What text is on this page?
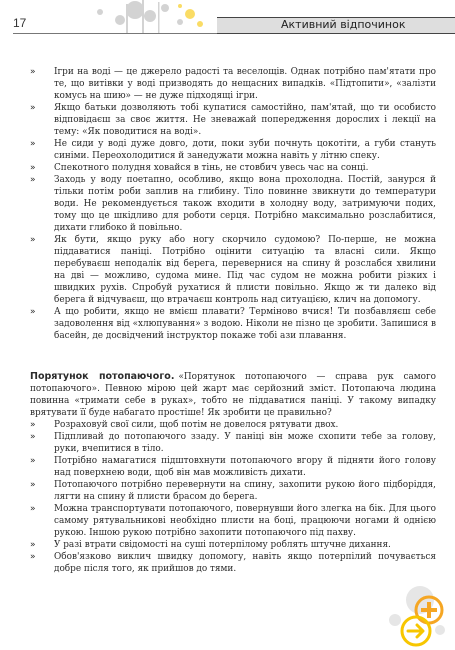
17	Активний відпочинок

» Ігри на воді — це джерело радості та веселощів. Однак потрібно пам'ятати про те, що витівки у воді призводять до нещасних випадків. «Підтопити», «залізти комусь на шию» — не дуже підходящі ігри.

» Якщо батьки дозволяють тобі купатися самостійно, пам'ятай, що ти особисто відповідаєш за своє життя. Не зневажай попередження дорослих і лекції на тему: «Як поводитися на воді».

» Не сиди у воді дуже довго, доти, поки зуби почнуть цокотіти, а губи стануть синіми. Переохолодитися й занедужати можна навіть у літню спеку.

» Спекотного полудня ховайся в тінь, не стовбич увесь час на сонці.

» Заходь у воду поетапно, особливо, якщо вона прохолодна. Постій, занурся й тільки потім роби заплив на глибину. Тіло повинне звикнути до температури води. Не рекомендується також входити в холодну воду, затримуючи подих, тому що це шкідливо для роботи серця. Потрібно максимально розслабитися, дихати глибоко й повільно.

» Як бути, якщо руку або ногу скорчило судомою? По-перше, не можна піддаватися паніці. Потрібно оцінити ситуацію та власні сили. Якщо перебуваєш неподалік від берега, перевернися на спину й розслабся хвилини на дві — можливо, судома мине. Під час судом не можна робити різких і швидких рухів. Спробуй рухатися й плисти повільно. Якщо ж ти далеко від берега й відчуваєш, що втрачаєш контроль над ситуацією, клич на допомогу.

» А що робити, якщо не вмієш плавати? Терміново вчися! Ти позбавляєш себе задоволення від «хлюпування» з водою. Ніколи не пізно це зробити. Запишися в басейн, де досвідчений інструктор покаже тобі ази плавання.

Порятунок потопаючого. «Порятунок потопаючого — справа рук самого потопаючого». Певною мірою цей жарт має серйозний зміст. Потопаюча людина повинна «тримати себе в руках», тобто не піддаватися паніці. У такому випадку врятувати її буде набагато простіше! Як зробити це правильно?

» Розраховуй свої сили, щоб потім не довелося рятувати двох.

» Підпливай до потопаючого ззаду. У паніці він може схопити тебе за голову, руки, вчепитися в тіло.

» Потрібно намагатися підштовхнути потопаючого вгору й підняти його голову над поверхнею води, щоб він мав можливість дихати.

» Потопаючого потрібно перевернути на спину, захопити рукою його підборіддя, лягти на спину й плисти брасом до берега.

» Можна транспортувати потопаючого, повернувши його злегка на бік. Для цього самому рятувальникові необхідно плисти на боці, працюючи ногами й однією рукою. Іншою рукою потрібно захопити потопаючого під пахву.

» У разі втрати свідомості на суші потерпілому роблять штучне дихання.

» Обов'язково виклич швидку допомогу, навіть якщо потерпілий почувається добре після того, як прийшов до тями.
